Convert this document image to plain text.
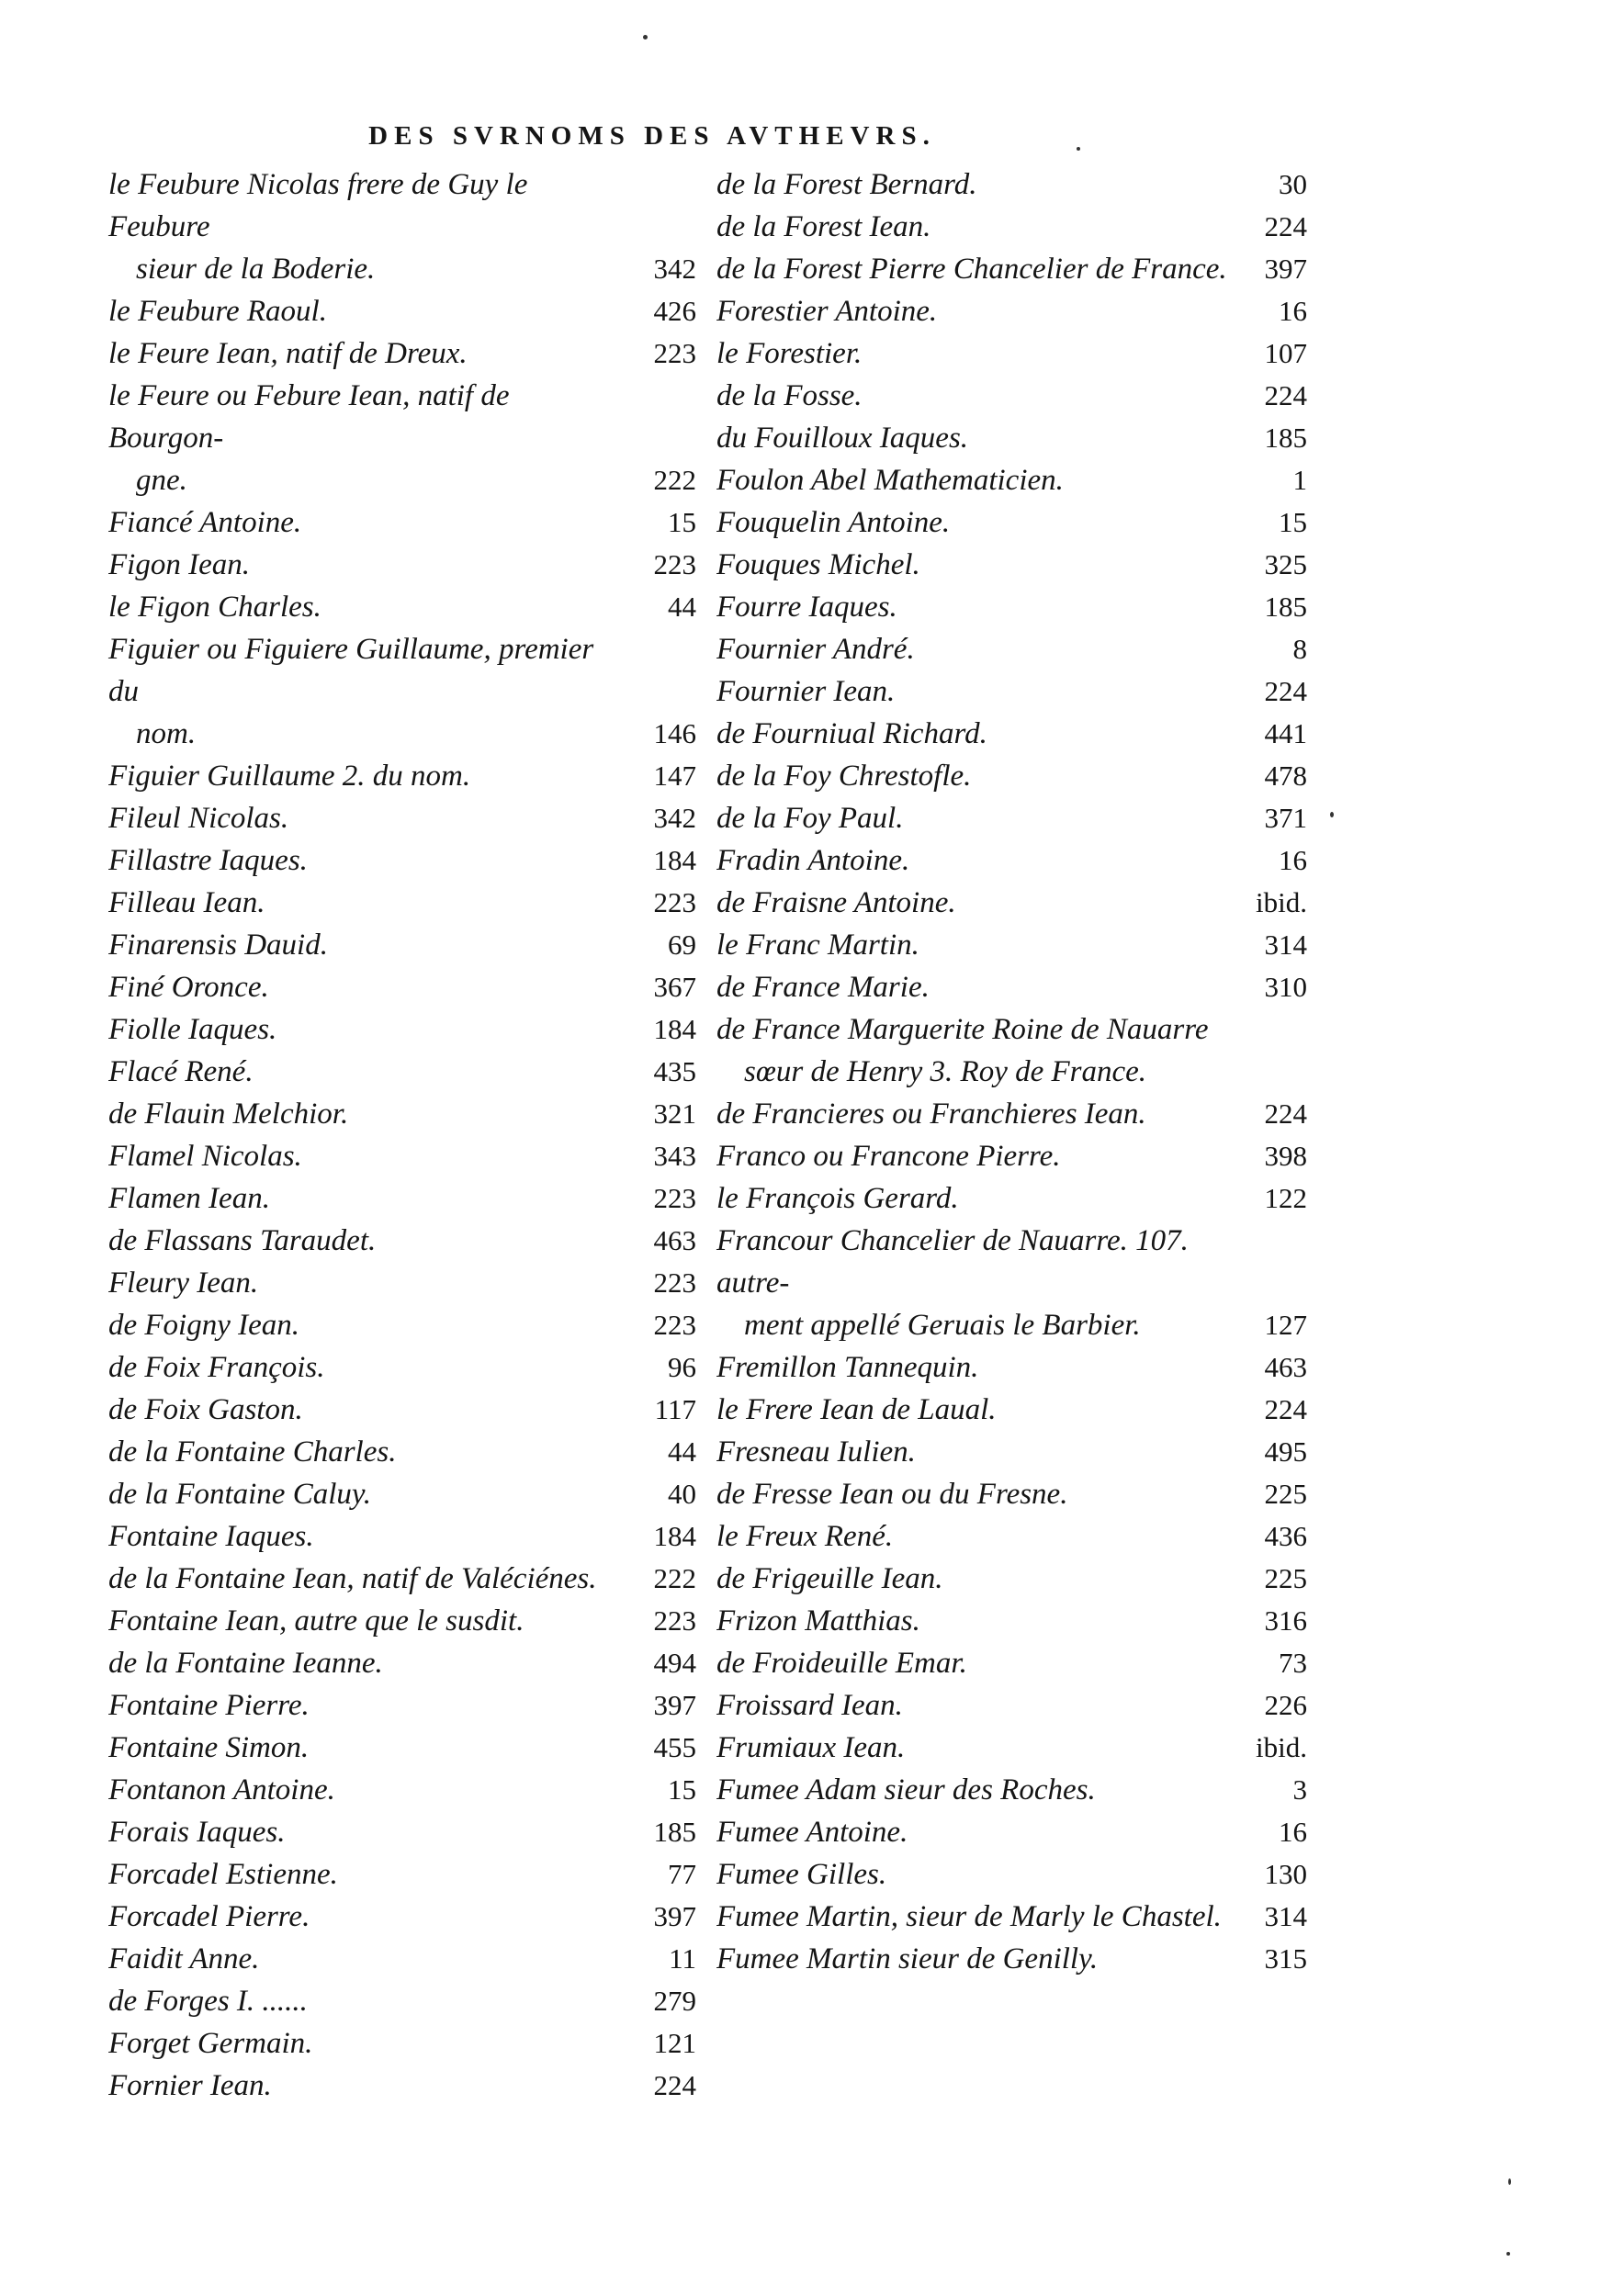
DES SVRNOMS DES AVTHEVRS.
le Feubure Nicolas frere de Guy le Feubure
sieur de la Boderie.	342
le Feubure Raoul.	426
le Feure Iean, natif de Dreux.	223
le Feure ou Febure Iean, natif de Bourgon-
gne.	222
Fiancé Antoine.	15
Figon Iean.	223
le Figon Charles.	44
Figuier ou Figuiere Guillaume, premier du
nom.	146
Figuier Guillaume 2. du nom.	147
Fileul Nicolas.	342
Fillastre Iaques.	184
Filleau Iean.	223
Finarensis Dauid.	69
Finé Oronce.	367
Fiolle Iaques.	184
Flacé René.	435
de Flauin Melchior.	321
Flamel Nicolas.	343
Flamen Iean.	223
de Flassans Taraudet.	463
Fleury Iean.	223
de Foigny Iean.	223
de Foix François.	96
de Foix Gaston.	117
de la Fontaine Charles.	44
de la Fontaine Caluy.	40
Fontaine Iaques.	184
de la Fontaine Iean, natif de Valéciénes.	222
Fontaine Iean, autre que le susdit.	223
de la Fontaine Ieanne.	494
Fontaine Pierre.	397
Fontaine Simon.	455
Fontanon Antoine.	15
Forais Iaques.	185
Forcadel Estienne.	77
Forcadel Pierre.	397
Faidit Anne.	11
de Forges I. ......	279
Forget Germain.	121
Fornier Iean.	224
de la Forest Bernard.	30
de la Forest Iean.	224
de la Forest Pierre Chancelier de France.	397
Forestier Antoine.	16
le Forestier.	107
de la Fosse.	224
du Fouilloux Iaques.	185
Foulon Abel Mathematicien.	1
Fouquelin Antoine.	15
Fouques Michel.	325
Fourre Iaques.	185
Fournier André.	8
Fournier Iean.	224
de Fourniual Richard.	441
de la Foy Chrestofle.	478
de la Foy Paul.	371
Fradin Antoine.	16
de Fraisne Antoine.	ibid.
le Franc Martin.	314
de France Marie.	310
de France Marguerite Roine de Nauarre
sœur de Henry 3. Roy de France.
de Francieres ou Franchieres Iean.	224
Franco ou Francone Pierre.	398
le François Gerard.	122
Francour Chancelier de Nauarre. 107. autre-
ment appellé Geruais le Barbier.	127
Fremillon Tannequin.	463
le Frere Iean de Laual.	224
Fresneau Iulien.	495
de Fresse Iean ou du Fresne.	225
le Freux René.	436
de Frigeuille Iean.	225
Frizon Matthias.	316
de Froideuille Emar.	73
Froissard Iean.	226
Frumiaux Iean.	ibid.
Fumee Adam sieur des Roches.	3
Fumee Antoine.	16
Fumee Gilles.	130
Fumee Martin, sieur de Marly le Chastel.	314
Fumee Martin sieur de Genilly.	315
